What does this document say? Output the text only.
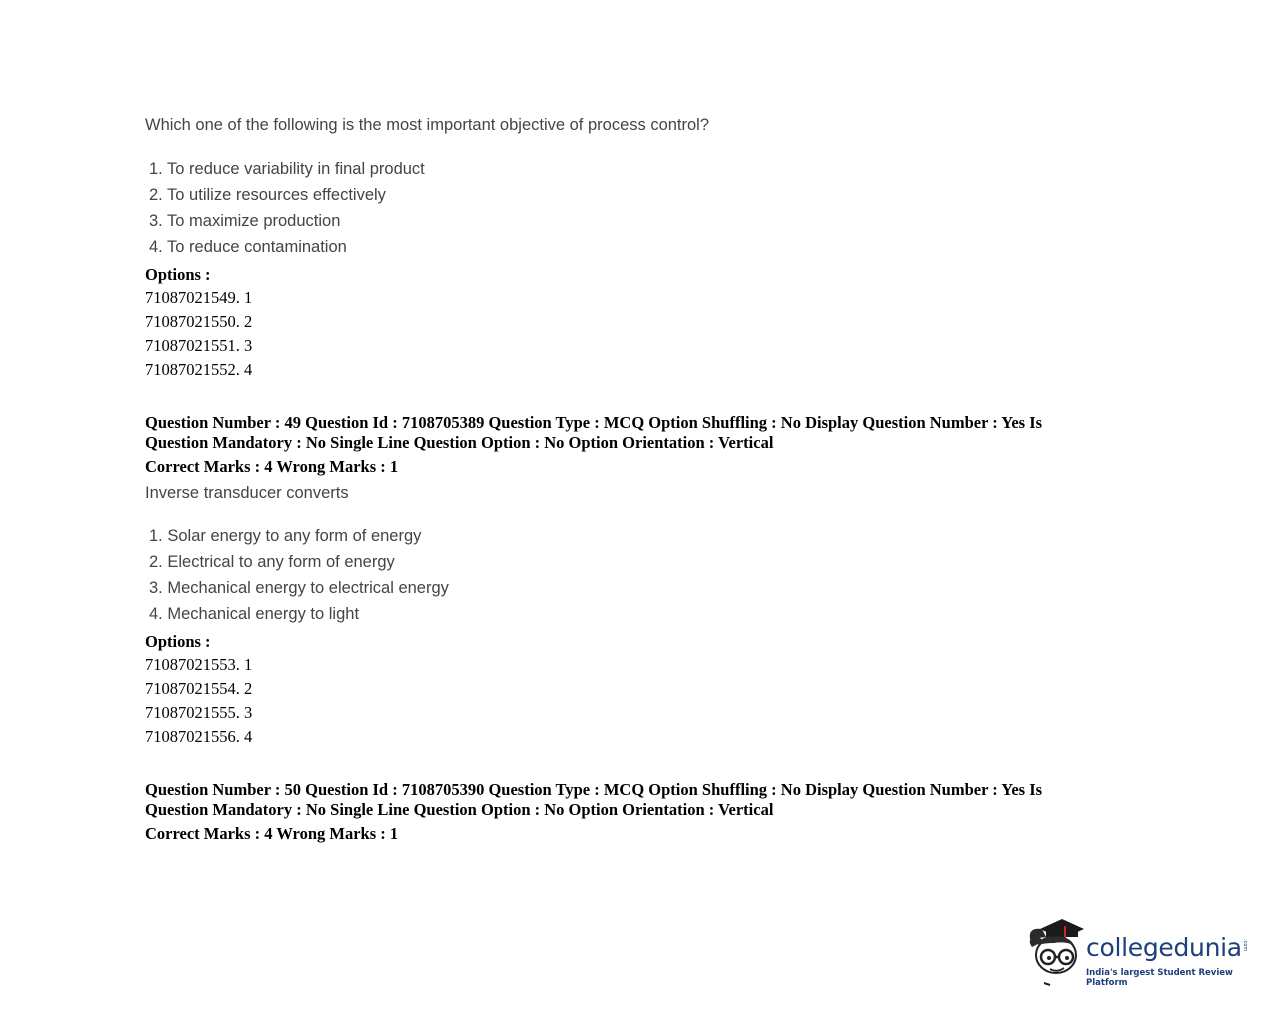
Which one of the following is the most important objective of process control?
1. To reduce variability in final product
2. To utilize resources effectively
3. To maximize production
4. To reduce contamination
Options :
71087021549. 1
71087021550. 2
71087021551. 3
71087021552. 4
Question Number : 49 Question Id : 7108705389 Question Type : MCQ Option Shuffling : No Display Question Number : Yes Is Question Mandatory : No Single Line Question Option : No Option Orientation : Vertical
Correct Marks : 4 Wrong Marks : 1
Inverse transducer converts
1. Solar energy to any form of energy
2. Electrical to any form of energy
3. Mechanical energy to electrical energy
4. Mechanical energy to light
Options :
71087021553. 1
71087021554. 2
71087021555. 3
71087021556. 4
Question Number : 50 Question Id : 7108705390 Question Type : MCQ Option Shuffling : No Display Question Number : Yes Is Question Mandatory : No Single Line Question Option : No Option Orientation : Vertical
Correct Marks : 4 Wrong Marks : 1
collegedunia .com
India's largest Student Review Platform
